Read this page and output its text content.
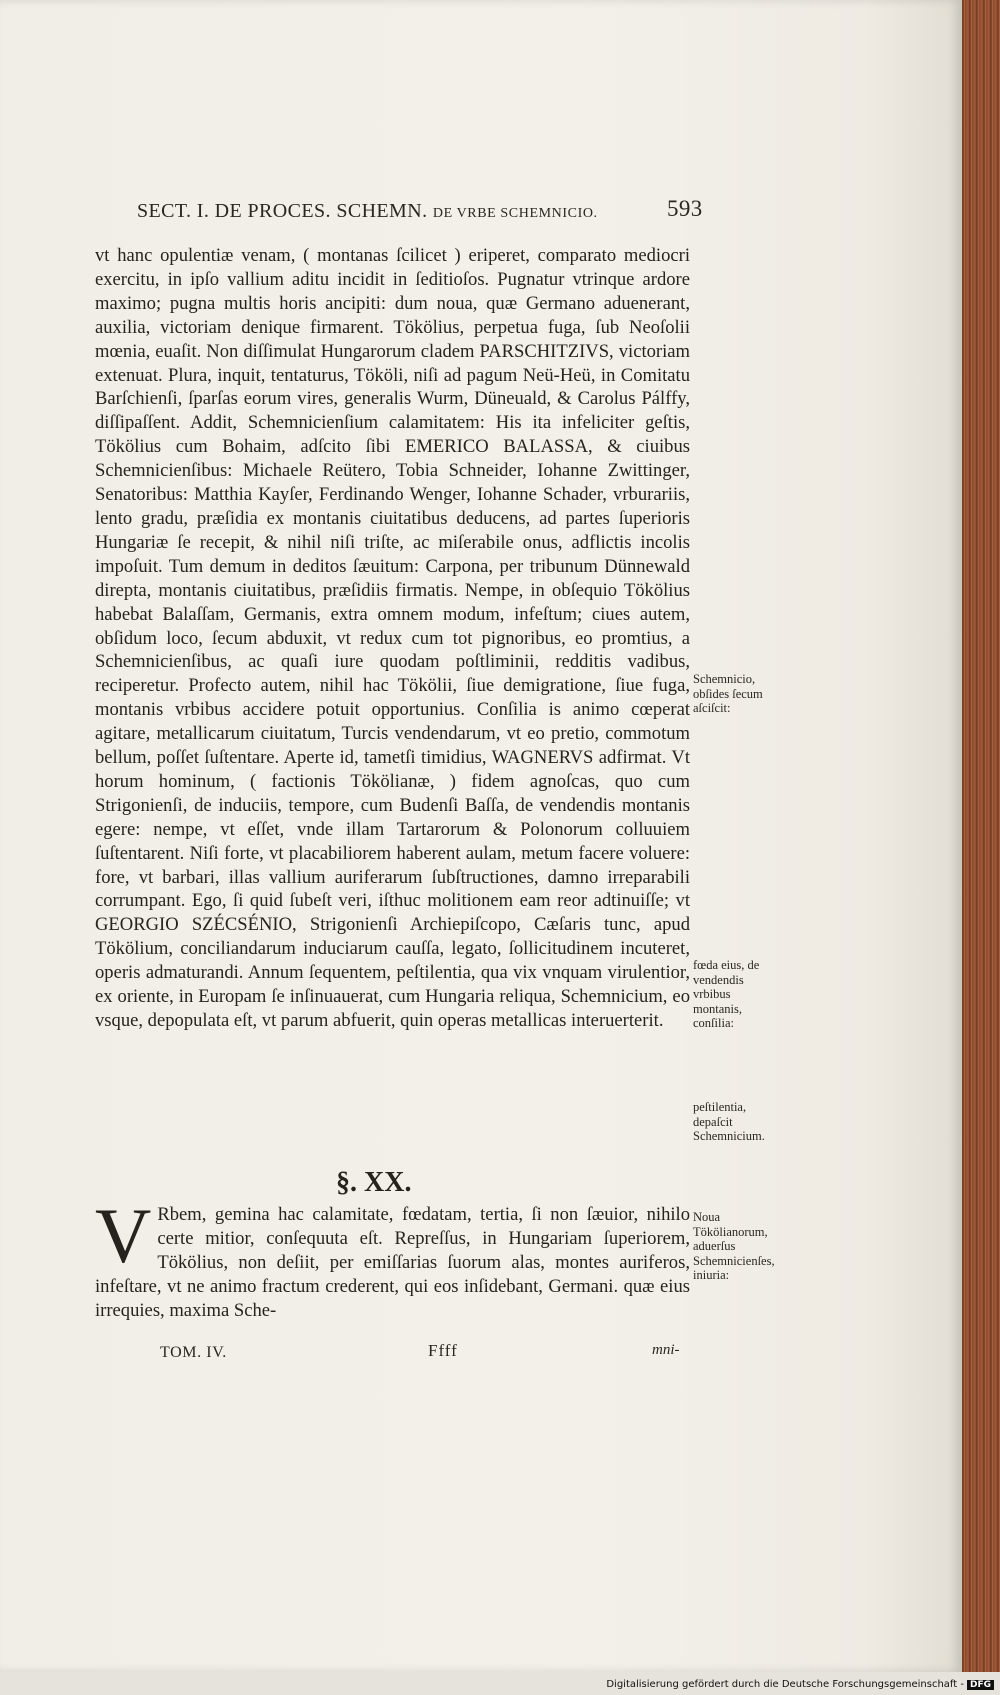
SECT. I. DE PROCES. SCHEMN. DE VRBE SCHEMNICIO.	593

vt hanc opulentiæ venam, ( montanas ſcilicet ) eriperet, comparato mediocri exercitu, in ipſo vallium aditu incidit in ſeditioſos. Pugnatur vtrinque ardore maximo; pugna multis horis ancipiti: dum noua, quæ Germano aduenerant, auxilia, victoriam denique firmarent. Tökölius, perpetua fuga, ſub Neoſolii mœnia, euaſit. Non diſſimulat Hungarorum cladem PARSCHITZIVS, victoriam extenuat. Plura, inquit, tentaturus, Tököli, niſi ad pagum Neü-Heü, in Comitatu Barſchienſi, ſparſas eorum vires, generalis Wurm, Düneuald, & Carolus Pálffy, diſſipaſſent. Addit, Schemnicienſium calamitatem: His ita infeliciter geſtis, Tökölius cum Bohaim, adſcito ſibi EMERICO BALASSA, & ciuibus Schemnicienſibus: Michaele Reütero, Tobia Schneider, Iohanne Zwittinger, Senatoribus: Matthia Kayſer, Ferdinando Wenger, Iohanne Schader, vrburariis, lento gradu, præſidia ex montanis ciuitatibus deducens, ad partes ſuperioris Hungariæ ſe recepit, & nihil niſi triſte, ac miſerabile onus, adflictis incolis impoſuit. Tum demum in deditos ſæuitum: Carpona, per tribunum Dünnewald direpta, montanis ciuitatibus, præſidiis firmatis. Nempe, in obſequio Tökölius habebat Balaſſam, Germanis, extra omnem modum, infeſtum; ciues autem, obſidum loco, ſecum abduxit, vt redux cum tot pignoribus, eo promtius, a Schemnicienſibus, ac quaſi iure quodam poſtliminii, redditis vadibus, reciperetur. Profecto autem, nihil hac Tökölii, ſiue demigratione, ſiue fuga, montanis vrbibus accidere potuit opportunius. Conſilia is animo cœperat agitare, metallicarum ciuitatum, Turcis vendendarum, vt eo pretio, commotum bellum, poſſet ſuſtentare. Aperte id, tametſi timidius, WAGNERVS adfirmat. Vt horum hominum, ( factionis Tökölianæ, ) fidem agnoſcas, quo cum Strigonienſi, de induciis, tempore, cum Budenſi Baſſa, de vendendis montanis egere: nempe, vt eſſet, vnde illam Tartarorum & Polonorum colluuiem ſuſtentarent. Niſi forte, vt placabiliorem haberent aulam, metum facere voluere: fore, vt barbari, illas vallium auriferarum ſubſtructiones, damno irreparabili corrumpant. Ego, ſi quid ſubeſt veri, iſthuc molitionem eam reor adtinuiſſe; vt GEORGIO SZÉCSÉNIO, Strigonienſi Archiepiſcopo, Cæſaris tunc, apud Tökölium, conciliandarum induciarum cauſſa, legato, ſollicitudinem incuteret, operis admaturandi. Annum ſequentem, peſtilentia, qua vix vnquam virulentior, ex oriente, in Europam ſe inſinuauerat, cum Hungaria reliqua, Schemnicium, eo vsque, depopulata eſt, vt parum abfuerit, quin operas metallicas interuerterit.

Schemnicio, obſides ſecum aſciſcit:
fœda eius, de vendendis vrbibus montanis, conſilia:
peſtilentia, depaſcit Schemnicium.
Noua Tökölianorum, aduerſus Schemnicienſes, iniuria:
§. XX.
V Rbem, gemina hac calamitate, fœdatam, tertia, ſi non ſæuior, nihilo certe mitior, conſequuta eſt. Repreſſus, in Hungariam ſuperiorem, Tökölius, non deſiit, per emiſſarias ſuorum alas, montes auriferos, infeſtare, vt ne animo fractum crederent, qui eos inſidebant, Germani. quæ eius irrequies, maxima Sche-
TOM. IV.	Ffff	mni-
Digitalisierung gefördert durch die Deutsche Forschungsgemeinschaft - DFG
